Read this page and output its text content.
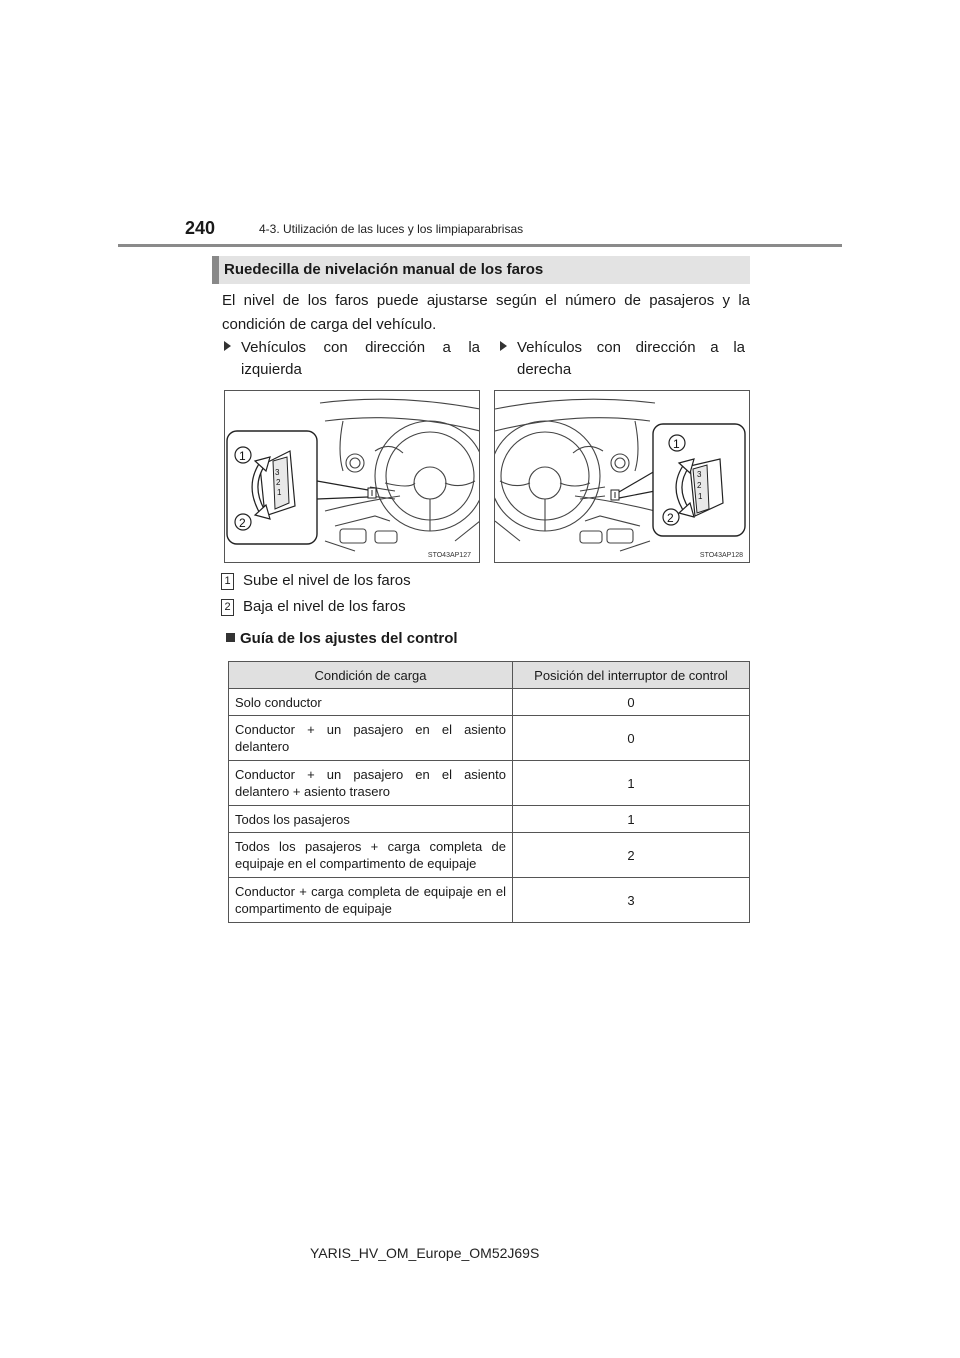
240	4-3. Utilización de las luces y los limpiaparabrisas
Ruedecilla de nivelación manual de los faros
El nivel de los faros puede ajustarse según el número de pasajeros y la condición de carga del vehículo.
Vehículos con dirección a la izquierda
Vehículos con dirección a la derecha
3
2
1
1
2
STO43AP127
3
2
1
1
2
STO43AP128
1 Sube el nivel de los faros
2 Baja el nivel de los faros
Guía de los ajustes del control
Condición de carga	Posición del interruptor de control
Solo conductor	0
Conductor + un pasajero en el asiento delantero	0
Conductor + un pasajero en el asiento delantero + asiento trasero	1
Todos los pasajeros	1
Todos los pasajeros + carga completa de equipaje en el compartimento de equipaje	2
Conductor + carga completa de equipaje en el compartimento de equipaje	3
YARIS_HV_OM_Europe_OM52J69S
